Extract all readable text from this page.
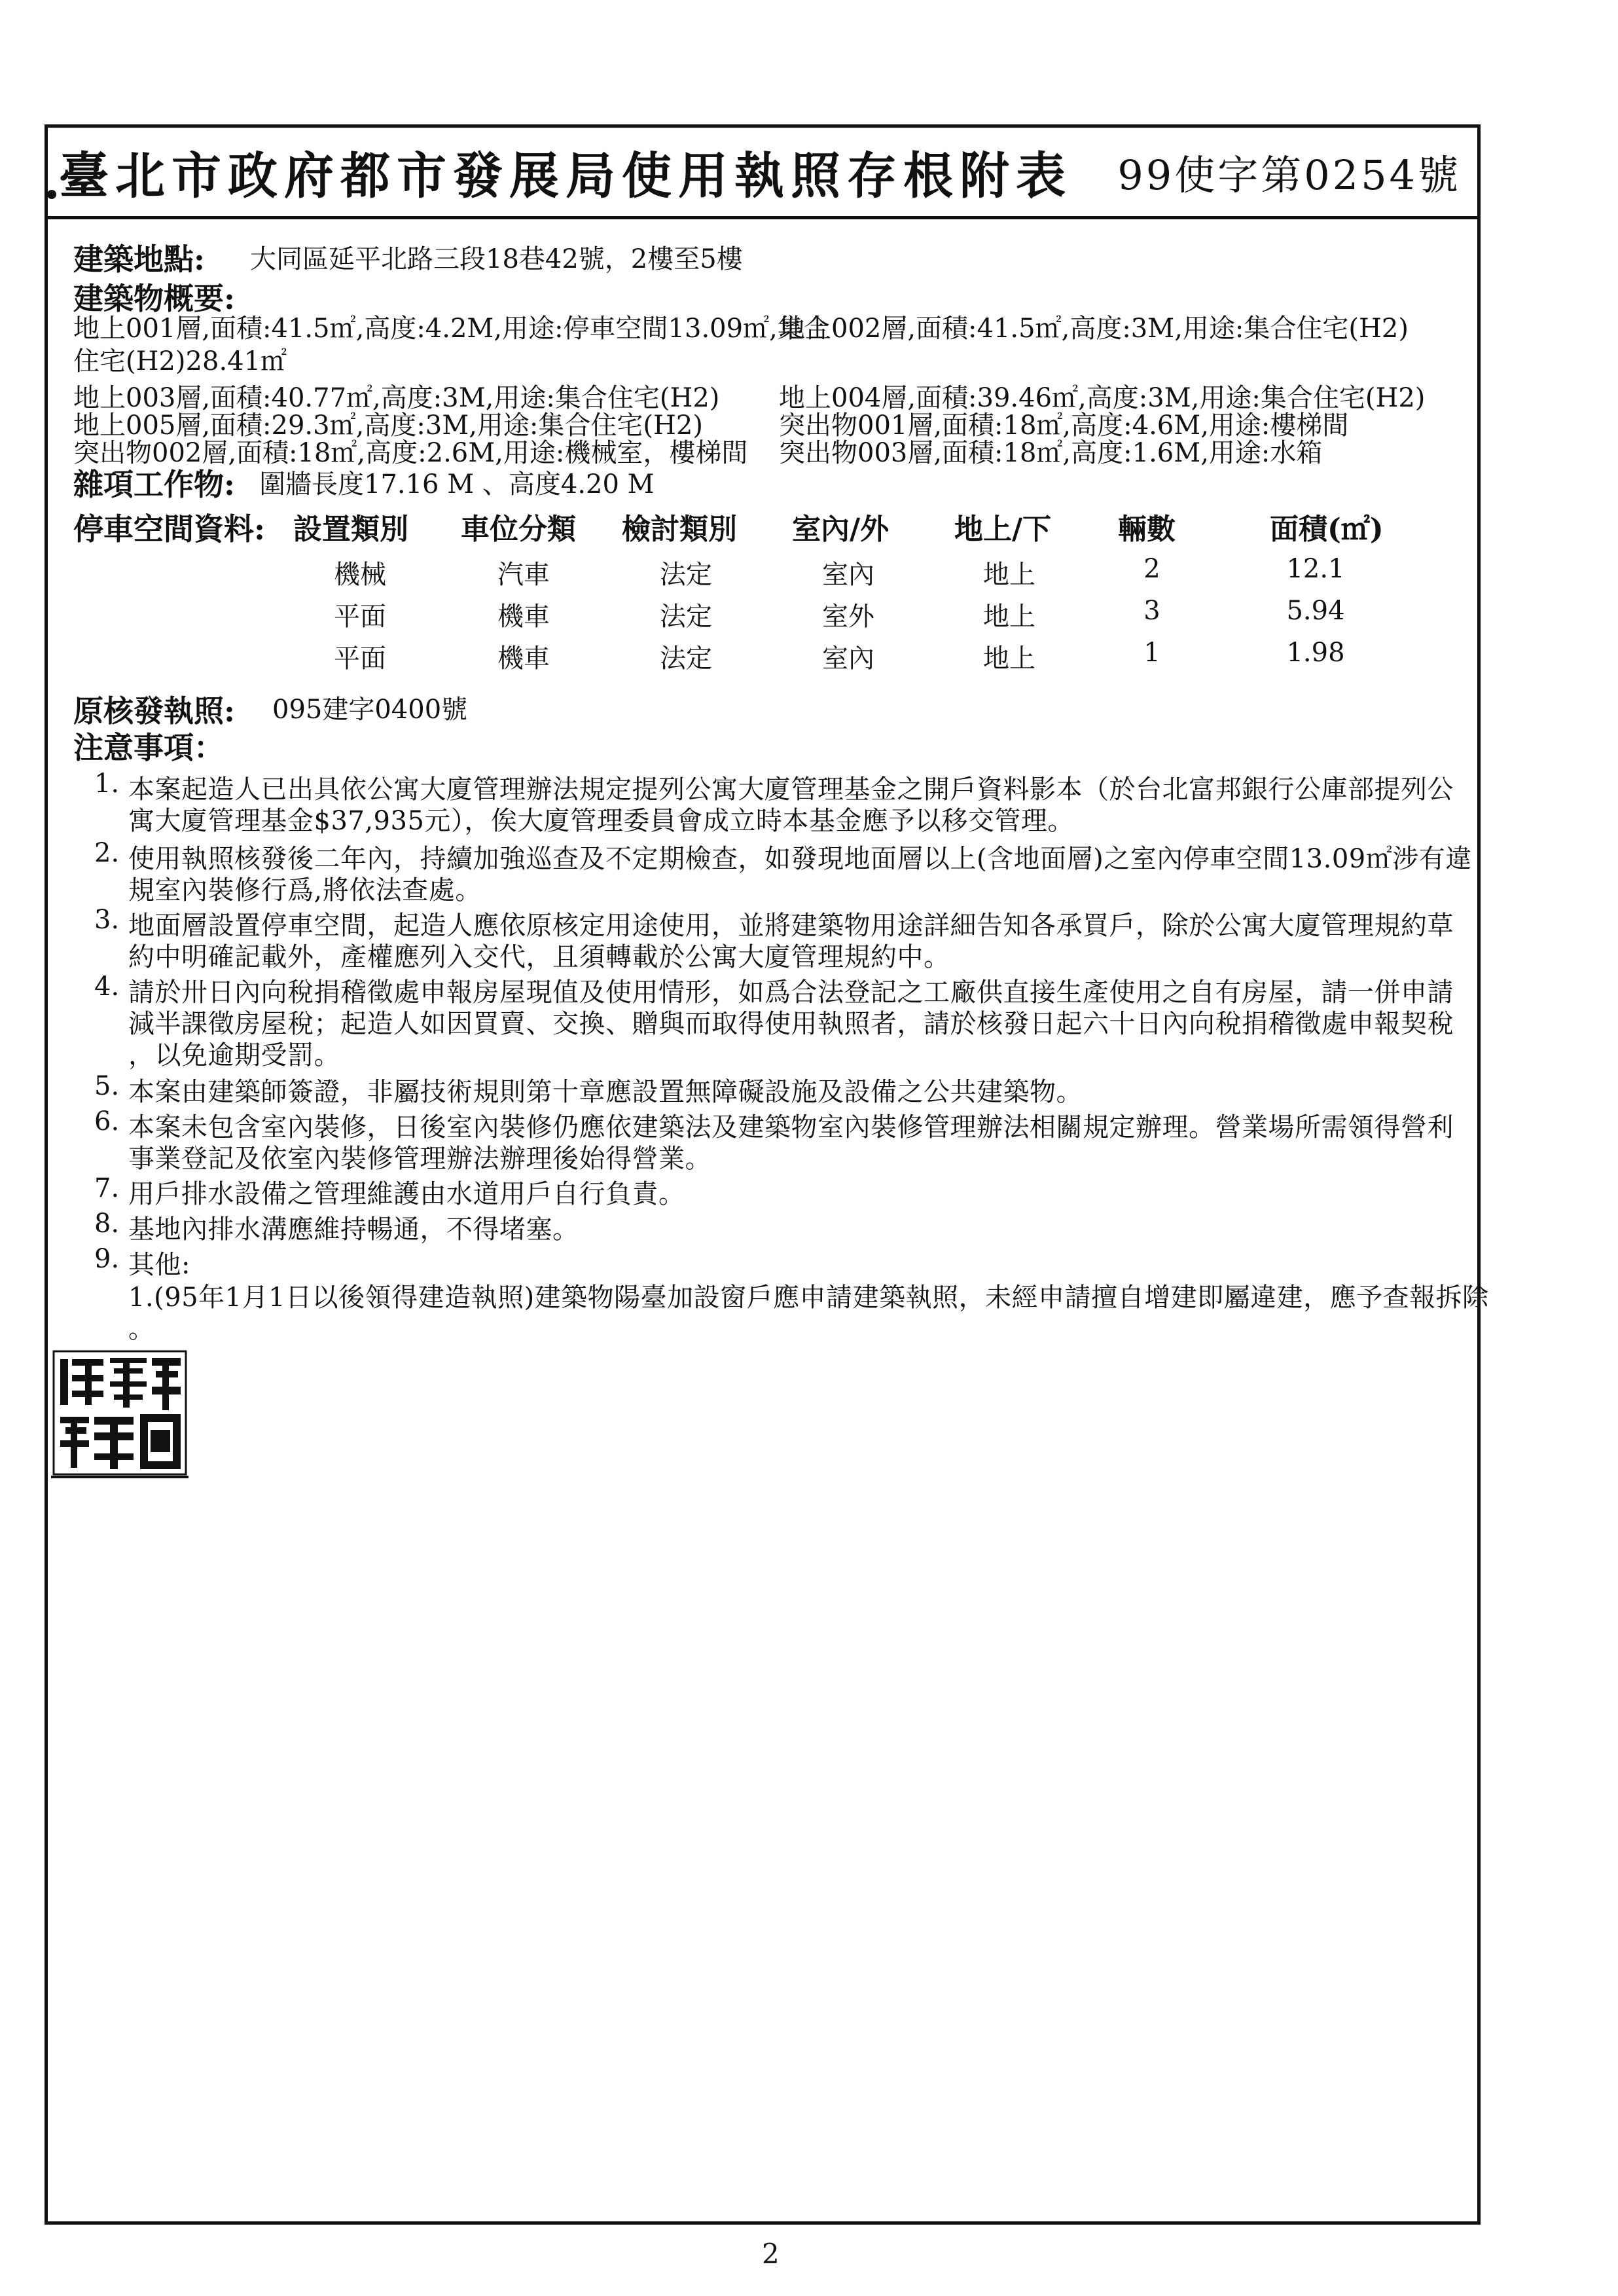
臺北市政府都市發展局使用執照存根附表 99使字第0254號
建築地點: 大同區延平北路三段18巷42號，2樓至5樓
建築物概要:
地上001層,面積:41.5㎡,高度:4.2M,用途:停車空間13.09㎡,集合
住宅(H2)28.41㎡
地上002層,面積:41.5㎡,高度:3M,用途:集合住宅(H2)
地上003層,面積:40.77㎡,高度:3M,用途:集合住宅(H2) 地上004層,面積:39.46㎡,高度:3M,用途:集合住宅(H2)
地上005層,面積:29.3㎡,高度:3M,用途:集合住宅(H2)	突出物001層,面積:18㎡,高度:4.6M,用途:樓梯間
突出物002層,面積:18㎡,高度:2.6M,用途:機械室，樓梯間 突出物003層,面積:18㎡,高度:1.6M,用途:水箱
雜項工作物: 圍牆長度17.16 M 、高度4.20 M
停車空間資料: 設置類別 車位分類 檢討類別 室內/外 地上/下 輛數	面積(㎡)
機械	汽車	法定	室內	地上	2	12.1
平面	機車	法定	室外	地上	3	5.94
平面	機車	法定	室內	地上	1	1.98
原核發執照: 095建字0400號
注意事項：
1. 本案起造人已出具依公寓大廈管理辦法規定提列公寓大廈管理基金之開戶資料影本（於台北富邦銀行公庫部提列公
寓大廈管理基金$37,935元），俟大廈管理委員會成立時本基金應予以移交管理。
2. 使用執照核發後二年內，持續加強巡查及不定期檢查，如發現地面層以上(含地面層)之室內停車空間13.09㎡涉有違
規室內裝修行爲,將依法查處。
3. 地面層設置停車空間，起造人應依原核定用途使用，並將建築物用途詳細告知各承買戶，除於公寓大廈管理規約草
約中明確記載外，產權應列入交代，且須轉載於公寓大廈管理規約中。
4. 請於卅日內向稅捐稽徵處申報房屋現值及使用情形，如爲合法登記之工廠供直接生產使用之自有房屋，請一併申請
減半課徵房屋稅；起造人如因買賣、交換、贈與而取得使用執照者，請於核發日起六十日內向稅捐稽徵處申報契稅
，以免逾期受罰。
5. 本案由建築師簽證，非屬技術規則第十章應設置無障礙設施及設備之公共建築物。
6. 本案未包含室內裝修，日後室內裝修仍應依建築法及建築物室內裝修管理辦法相關規定辦理。營業場所需領得營利
事業登記及依室內裝修管理辦法辦理後始得營業。
7. 用戶排水設備之管理維護由水道用戶自行負責。
8. 基地內排水溝應維持暢通，不得堵塞。
9. 其他:
1.(95年1月1日以後領得建造執照)建築物陽臺加設窗戶應申請建築執照，未經申請擅自增建即屬違建，應予查報拆除
。
2
